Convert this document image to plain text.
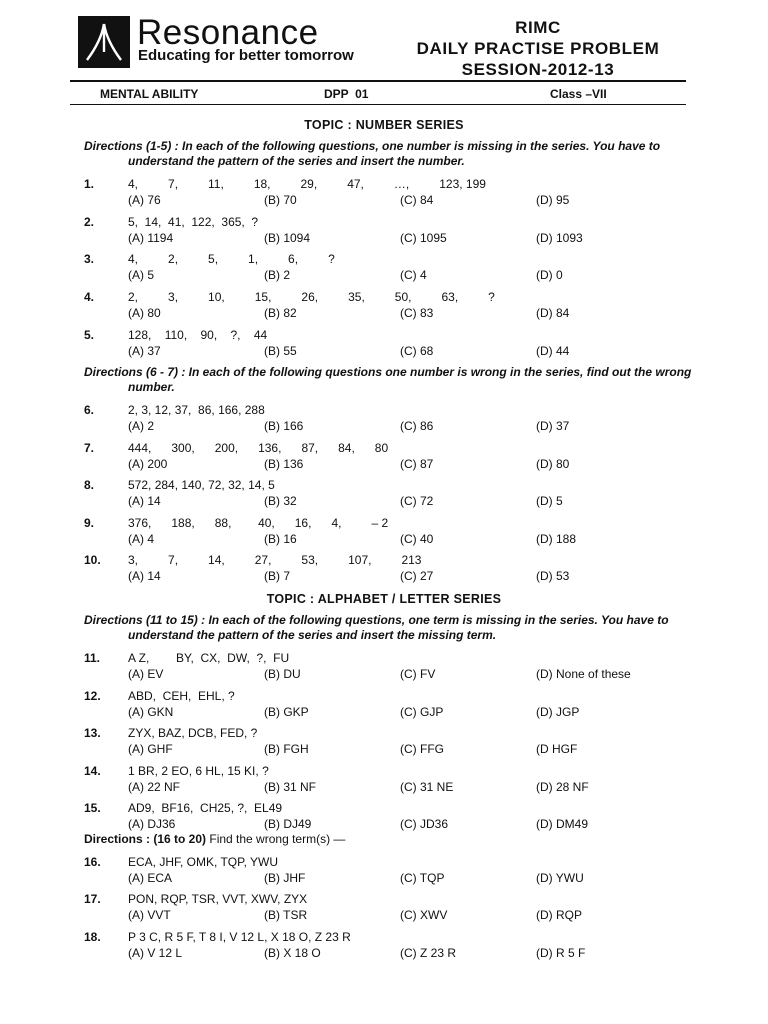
Resonance
Educating for better tomorrow
RIMC
DAILY PRACTISE PROBLEM
SESSION-2012-13
MENTAL ABILITY	DPP  01	Class –VII
TOPIC : NUMBER SERIES
Directions (1-5) : In each of the following questions, one number is missing in the series. You have to
understand the pattern of the series and insert the number.
Directions (6 - 7) : In each of the following questions one number is wrong in the series, find out the wrong
number.
TOPIC : ALPHABET / LETTER SERIES
Directions (11 to 15) : In each of the following questions, one term is missing in the series. You have to
understand the pattern of the series and insert the missing term.
Directions : (16 to 20) Find the wrong term(s) —
1.	4,         7,         11,         18,         29,         47,         …,         123, 199
(A) 76	(B) 70	(C) 84	(D) 95
2.	5,  14,  41,  122,  365,  ?
(A) 1194	(B) 1094	(C) 1095	(D) 1093
3.	4,         2,         5,         1,         6,         ?
(A) 5	(B) 2	(C) 4	(D) 0
4.	2,         3,         10,         15,         26,         35,         50,         63,         ?
(A) 80	(B) 82	(C) 83	(D) 84
5.	128,    110,    90,    ?,    44
(A) 37	(B) 55	(C) 68	(D) 44
6.	2, 3, 12, 37,  86, 166, 288
(A) 2	(B) 166	(C) 86	(D) 37
7.	444,      300,      200,      136,      87,      84,      80
(A) 200	(B) 136	(C) 87	(D) 80
8.	572, 284, 140, 72, 32, 14, 5
(A) 14	(B) 32	(C) 72	(D) 5
9.	376,      188,      88,        40,      16,      4,         – 2
(A) 4	(B) 16	(C) 40	(D) 188
10. 3,         7,         14,         27,         53,         107,         213
(A) 14	(B) 7	(C) 27	(D) 53
11. A Z,        BY,  CX,  DW,  ?,  FU
(A) EV	(B) DU	(C) FV	(D) None of these
12. ABD,  CEH,  EHL, ?
(A) GKN	(B) GKP	(C) GJP	(D) JGP
13. ZYX, BAZ, DCB, FED, ?
(A) GHF	(B) FGH	(C) FFG	(D HGF
14. 1 BR, 2 EO, 6 HL, 15 KI, ?
(A) 22 NF	(B) 31 NF	(C) 31 NE	(D) 28 NF
15. AD9,  BF16,  CH25, ?,  EL49
(A) DJ36	(B) DJ49	(C) JD36	(D) DM49
16. ECA, JHF, OMK, TQP, YWU
(A) ECA	(B) JHF	(C) TQP	(D) YWU
17. PON, RQP, TSR, VVT, XWV, ZYX
(A) VVT	(B) TSR	(C) XWV	(D) RQP
18. P 3 C, R 5 F, T 8 I, V 12 L, X 18 O, Z 23 R
(A) V 12 L	(B) X 18 O	(C) Z 23 R	(D) R 5 F
